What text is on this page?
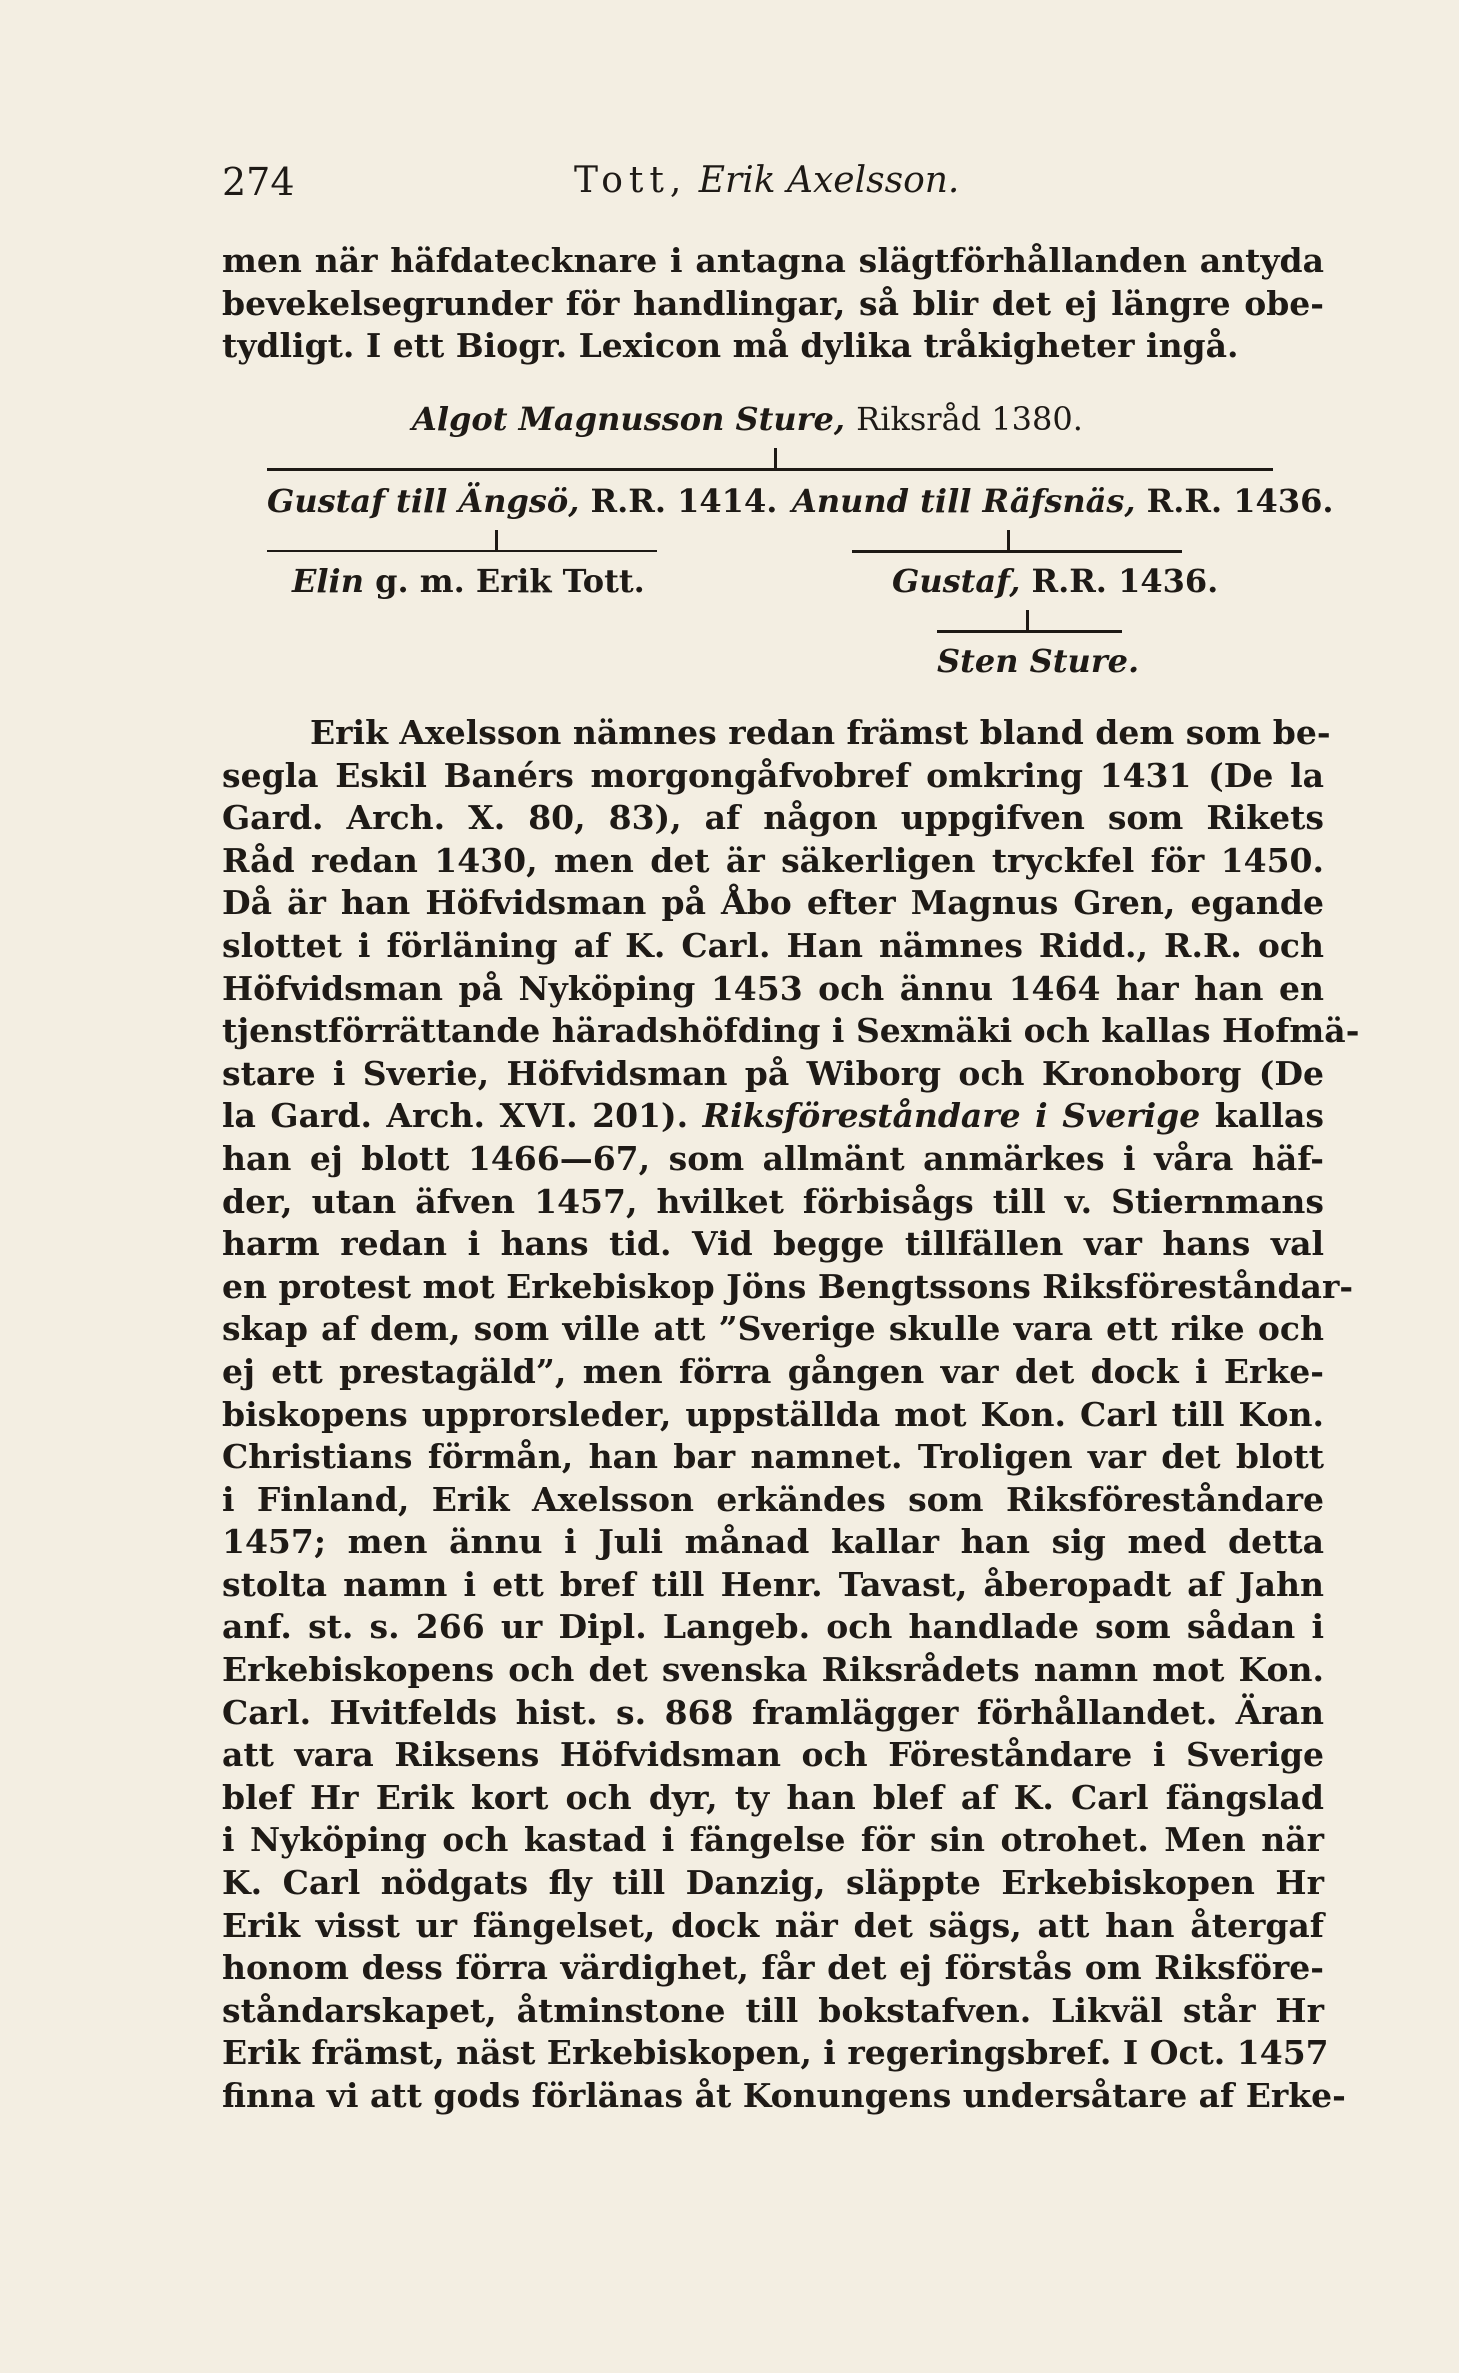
274	Tott, Erik Axelsson.
men när häfdatecknare i antagna slägtförhållanden antyda
bevekelsegrunder för handlingar, så blir det ej längre obe-
tydligt. I ett Biogr. Lexicon må dylika tråkigheter ingå.
Algot Magnusson Sture, Riksråd 1380.
Gustaf till Ängsö, R.R. 1414. Anund till Räfsnäs, R.R. 1436.
Elin g. m. Erik Tott.	Gustaf, R.R. 1436.
Sten Sture.
Erik Axelsson nämnes redan främst bland dem som be-
segla Eskil Banérs morgongåfvobref omkring 1431 (De la
Gard. Arch. X. 80, 83), af någon uppgifven som Rikets
Råd redan 1430, men det är säkerligen tryckfel för 1450.
Då är han Höfvidsman på Åbo efter Magnus Gren, egande
slottet i förläning af K. Carl. Han nämnes Ridd., R.R. och
Höfvidsman på Nyköping 1453 och ännu 1464 har han en
tjenstförrättande häradshöfding i Sexmäki och kallas Hofmä-
stare i Sverie, Höfvidsman på Wiborg och Kronoborg (De
la Gard. Arch. XVI. 201). Riksföreståndare i Sverige kallas
han ej blott 1466—67, som allmänt anmärkes i våra häf-
der, utan äfven 1457, hvilket förbisågs till v. Stiernmans
harm redan i hans tid. Vid begge tillfällen var hans val
en protest mot Erkebiskop Jöns Bengtssons Riksföreståndar-
skap af dem, som ville att ”Sverige skulle vara ett rike och
ej ett prestagäld”, men förra gången var det dock i Erke-
biskopens upprorsleder, uppställda mot Kon. Carl till Kon.
Christians förmån, han bar namnet. Troligen var det blott
i Finland, Erik Axelsson erkändes som Riksföreståndare
1457; men ännu i Juli månad kallar han sig med detta
stolta namn i ett bref till Henr. Tavast, åberopadt af Jahn
anf. st. s. 266 ur Dipl. Langeb. och handlade som sådan i
Erkebiskopens och det svenska Riksrådets namn mot Kon.
Carl. Hvitfelds hist. s. 868 framlägger förhållandet. Äran
att vara Riksens Höfvidsman och Föreståndare i Sverige
blef Hr Erik kort och dyr, ty han blef af K. Carl fängslad
i Nyköping och kastad i fängelse för sin otrohet. Men när
K. Carl nödgats fly till Danzig, släppte Erkebiskopen Hr
Erik visst ur fängelset, dock när det sägs, att han återgaf
honom dess förra värdighet, får det ej förstås om Riksföre-
ståndarskapet, åtminstone till bokstafven. Likväl står Hr
Erik främst, näst Erkebiskopen, i regeringsbref. I Oct. 1457
finna vi att gods förlänas åt Konungens undersåtare af Erke-
